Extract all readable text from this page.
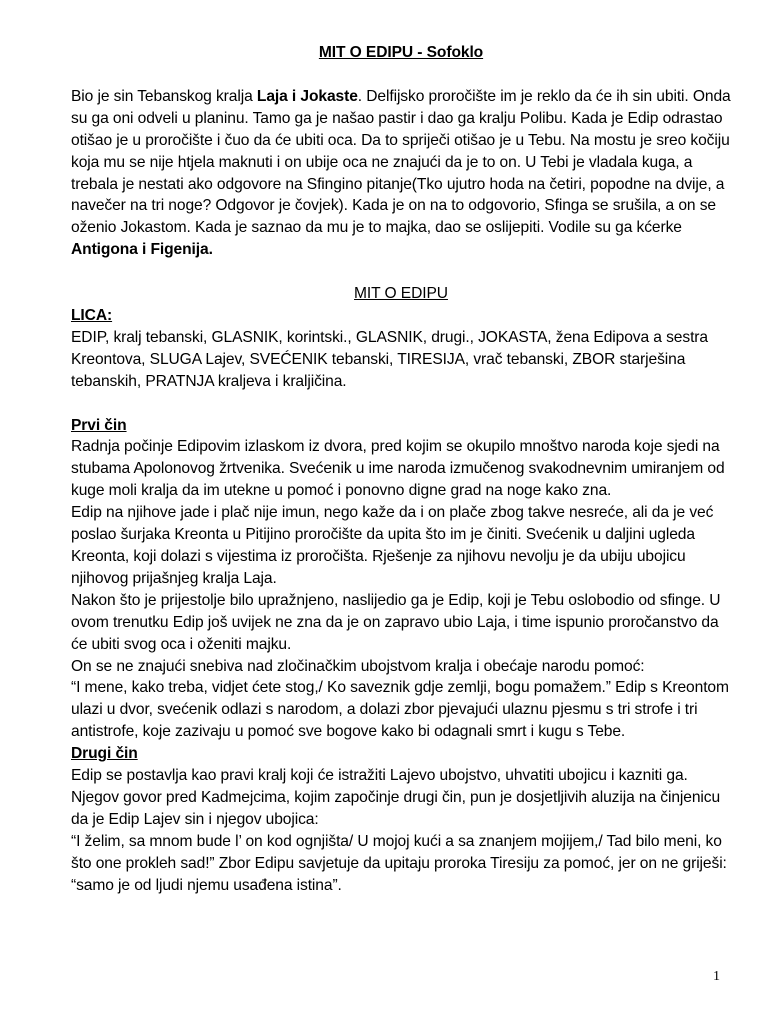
MIT O EDIPU - Sofoklo

Bio je sin Tebanskog kralja Laja i Jokaste. Delfijsko proročište im je reklo da će ih sin ubiti. Onda su ga oni odveli u planinu. Tamo ga je našao pastir i dao ga kralju Polibu. Kada je Edip odrastao otišao je u proročište i čuo da će ubiti oca. Da to spriječi otišao je u Tebu. Na mostu je sreo kočiju koja mu se nije htjela maknuti i on ubije oca ne znajući da je to on. U Tebi je vladala kuga, a trebala je nestati ako odgovore na Sfingino pitanje(Tko ujutro hoda na četiri, popodne na dvije, a navečer na tri noge? Odgovor je čovjek). Kada je on na to odgovorio, Sfinga se srušila, a on se oženio Jokastom. Kada je saznao da mu je to majka, dao se oslijepiti. Vodile su ga kćerke Antigona i Figenija.

MIT O EDIPU

LICA:

EDIP, kralj tebanski, GLASNIK, korintski., GLASNIK, drugi., JOKASTA, žena Edipova a sestra Kreontova, SLUGA Lajev, SVEĆENIK tebanski, TIRESIJA, vrač tebanski, ZBOR starješina tebanskih, PRATNJA kraljeva i kraljičina.

Prvi čin

Radnja počinje Edipovim izlaskom iz dvora, pred kojim se okupilo mnoštvo naroda koje sjedi na stubama Apolonovog žrtvenika. Svećenik u ime naroda izmučenog svakodnevnim umiranjem od kuge moli kralja da im utekne u pomoć i ponovno digne grad na noge kako zna.

Edip na njihove jade i plač nije imun, nego kaže da i on plače zbog takve nesreće, ali da je već poslao šurjaka Kreonta u Pitijino proročište da upita što im je činiti. Svećenik u daljini ugleda Kreonta, koji dolazi s vijestima iz proročišta. Rješenje za njihovu nevolju je da ubiju ubojicu njihovog prijašnjeg kralja Laja.

Nakon što je prijestolje bilo upražnjeno, naslijedio ga je Edip, koji je Tebu oslobodio od sfinge. U ovom trenutku Edip još uvijek ne zna da je on zapravo ubio Laja, i time ispunio proročanstvo da će ubiti svog oca i oženiti majku.

On se ne znajući snebiva nad zločinačkim ubojstvom kralja i obećaje narodu pomoć:

“I mene, kako treba, vidjet ćete stog,/ Ko saveznik gdje zemlji, bogu pomažem.” Edip s Kreontom ulazi u dvor, svećenik odlazi s narodom, a dolazi zbor pjevajući ulaznu pjesmu s tri strofe i tri antistrofe, koje zazivaju u pomoć sve bogove kako bi odagnali smrt i kugu s Tebe.

Drugi čin

Edip se postavlja kao pravi kralj koji će istražiti Lajevo ubojstvo, uhvatiti ubojicu i kazniti ga. Njegov govor pred Kadmejcima, kojim započinje drugi čin, pun je dosjetljivih aluzija na činjenicu da je Edip Lajev sin i njegov ubojica:

“I želim, sa mnom bude l’ on kod ognjišta/ U mojoj kući a sa znanjem mojijem,/ Tad bilo meni, ko što one prokleh sad!” Zbor Edipu savjetuje da upitaju proroka Tiresiju za pomoć, jer on ne griješi: “samo je od ljudi njemu usađena istina”.

1
